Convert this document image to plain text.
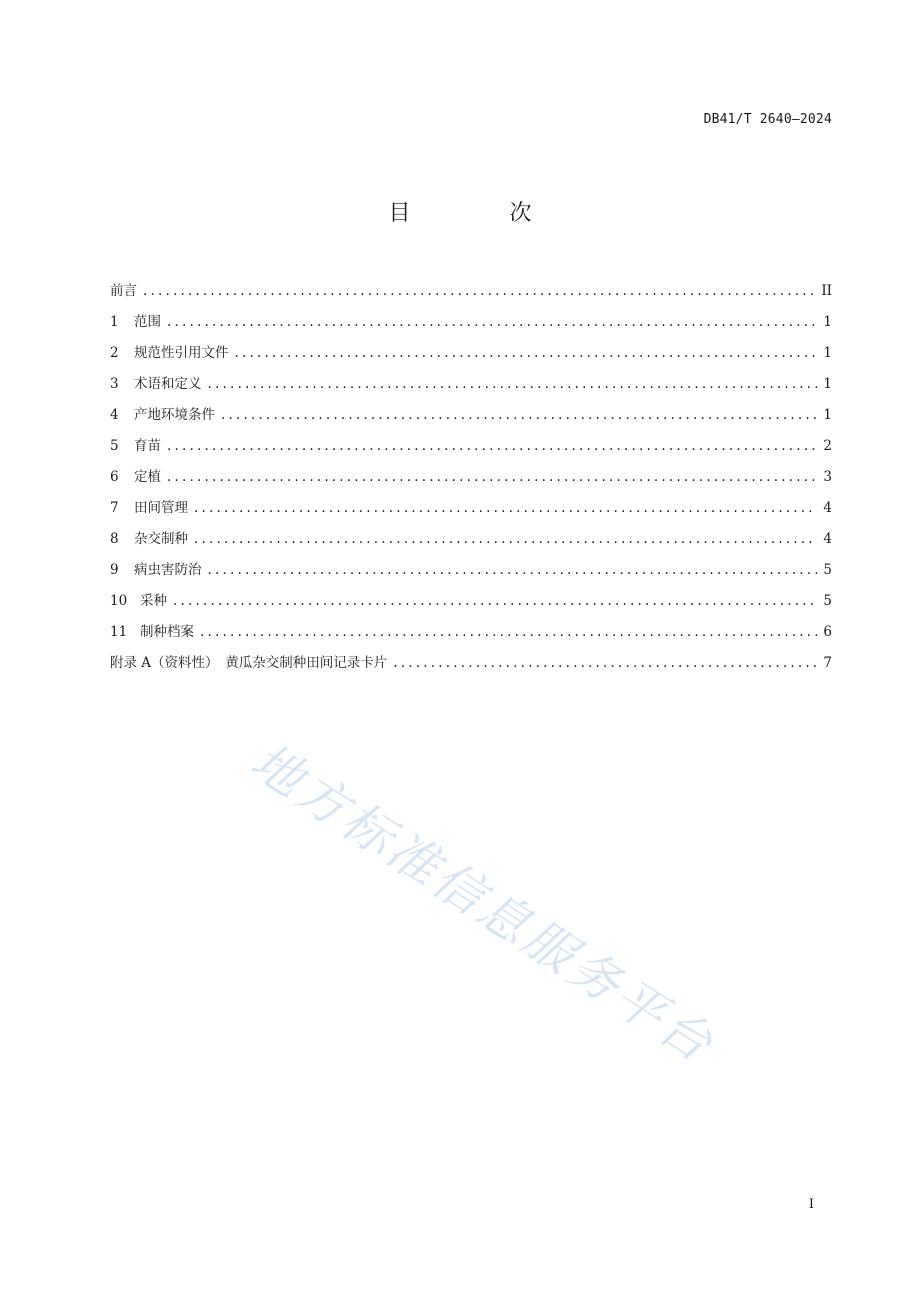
DB41/T 2640—2024
目 次
前言 .....	II
1	范围 .....	1
2	规范性引用文件 .....	1
3	术语和定义 .....	1
4	产地环境条件 .....	1
5	育苗 .....	2
6	定植 .....	3
7	田间管理 .....	4
8	杂交制种 .....	4
9	病虫害防治 .....	5
10 采种 .....	5
11 制种档案 .....	6
附录 A（资料性）　黄瓜杂交制种田间记录卡片 .....	7
地方标准信息服务平台
I
